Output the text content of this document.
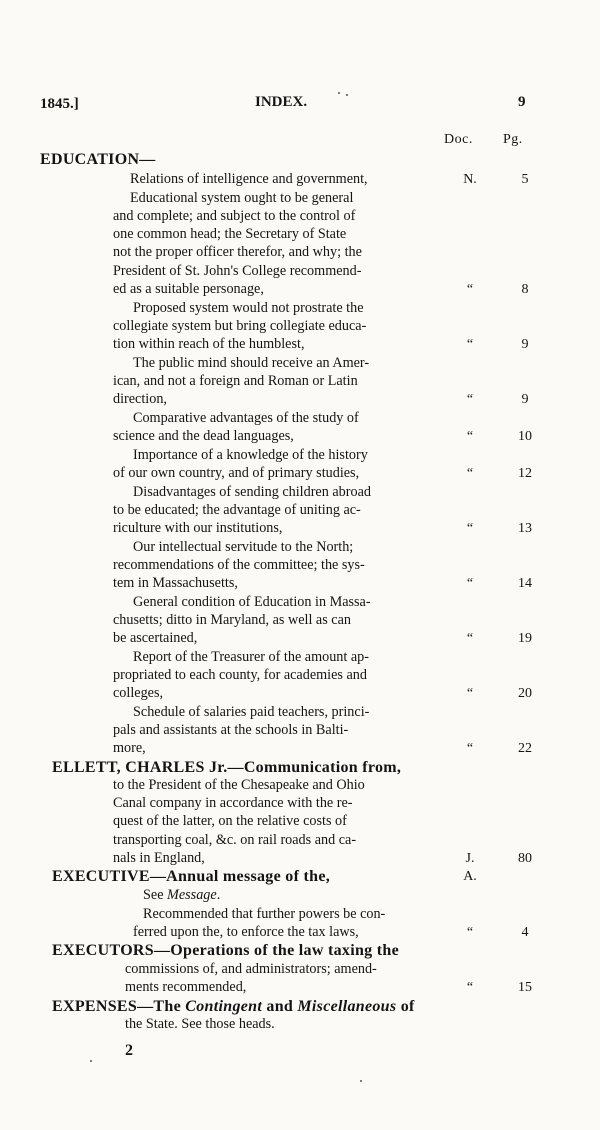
1845.]	INDEX.	9
Doc. Pg.
EDUCATION—
Relations of intelligence and government,	N.	5
Educational system ought to be general
and complete; and subject to the control of
one common head; the Secretary of State
not the proper officer therefor, and why; the
President of St. John's College recommend-
ed as a suitable personage,	“	8
Proposed system would not prostrate the
collegiate system but bring collegiate educa-
tion within reach of the humblest,	“	9
The public mind should receive an Amer-
ican, and not a foreign and Roman or Latin
direction,	“	9
Comparative advantages of the study of
science and the dead languages,	“	10
Importance of a knowledge of the history
of our own country, and of primary studies,	“	12
Disadvantages of sending children abroad
to be educated; the advantage of uniting ac-
riculture with our institutions,	“	13
Our intellectual servitude to the North;
recommendations of the committee; the sys-
tem in Massachusetts,	“	14
General condition of Education in Massa-
chusetts; ditto in Maryland, as well as can
be ascertained,	“	19
Report of the Treasurer of the amount ap-
propriated to each county, for academies and
colleges,	“	20
Schedule of salaries paid teachers, princi-
pals and assistants at the schools in Balti-
more,	“	22
ELLETT, CHARLES Jr.—Communication from,
to the President of the Chesapeake and Ohio
Canal company in accordance with the re-
quest of the latter, on the relative costs of
transporting coal, &c. on rail roads and ca-
nals in England,	J.	80
EXECUTIVE—Annual message of the,	A.
See Message.
Recommended that further powers be con-
ferred upon the, to enforce the tax laws,	“	4
EXECUTORS—Operations of the law taxing the
commissions of, and administrators; amend-
ments recommended,	“	15
EXPENSES—The Contingent and Miscellaneous of
the State. See those heads.
2
